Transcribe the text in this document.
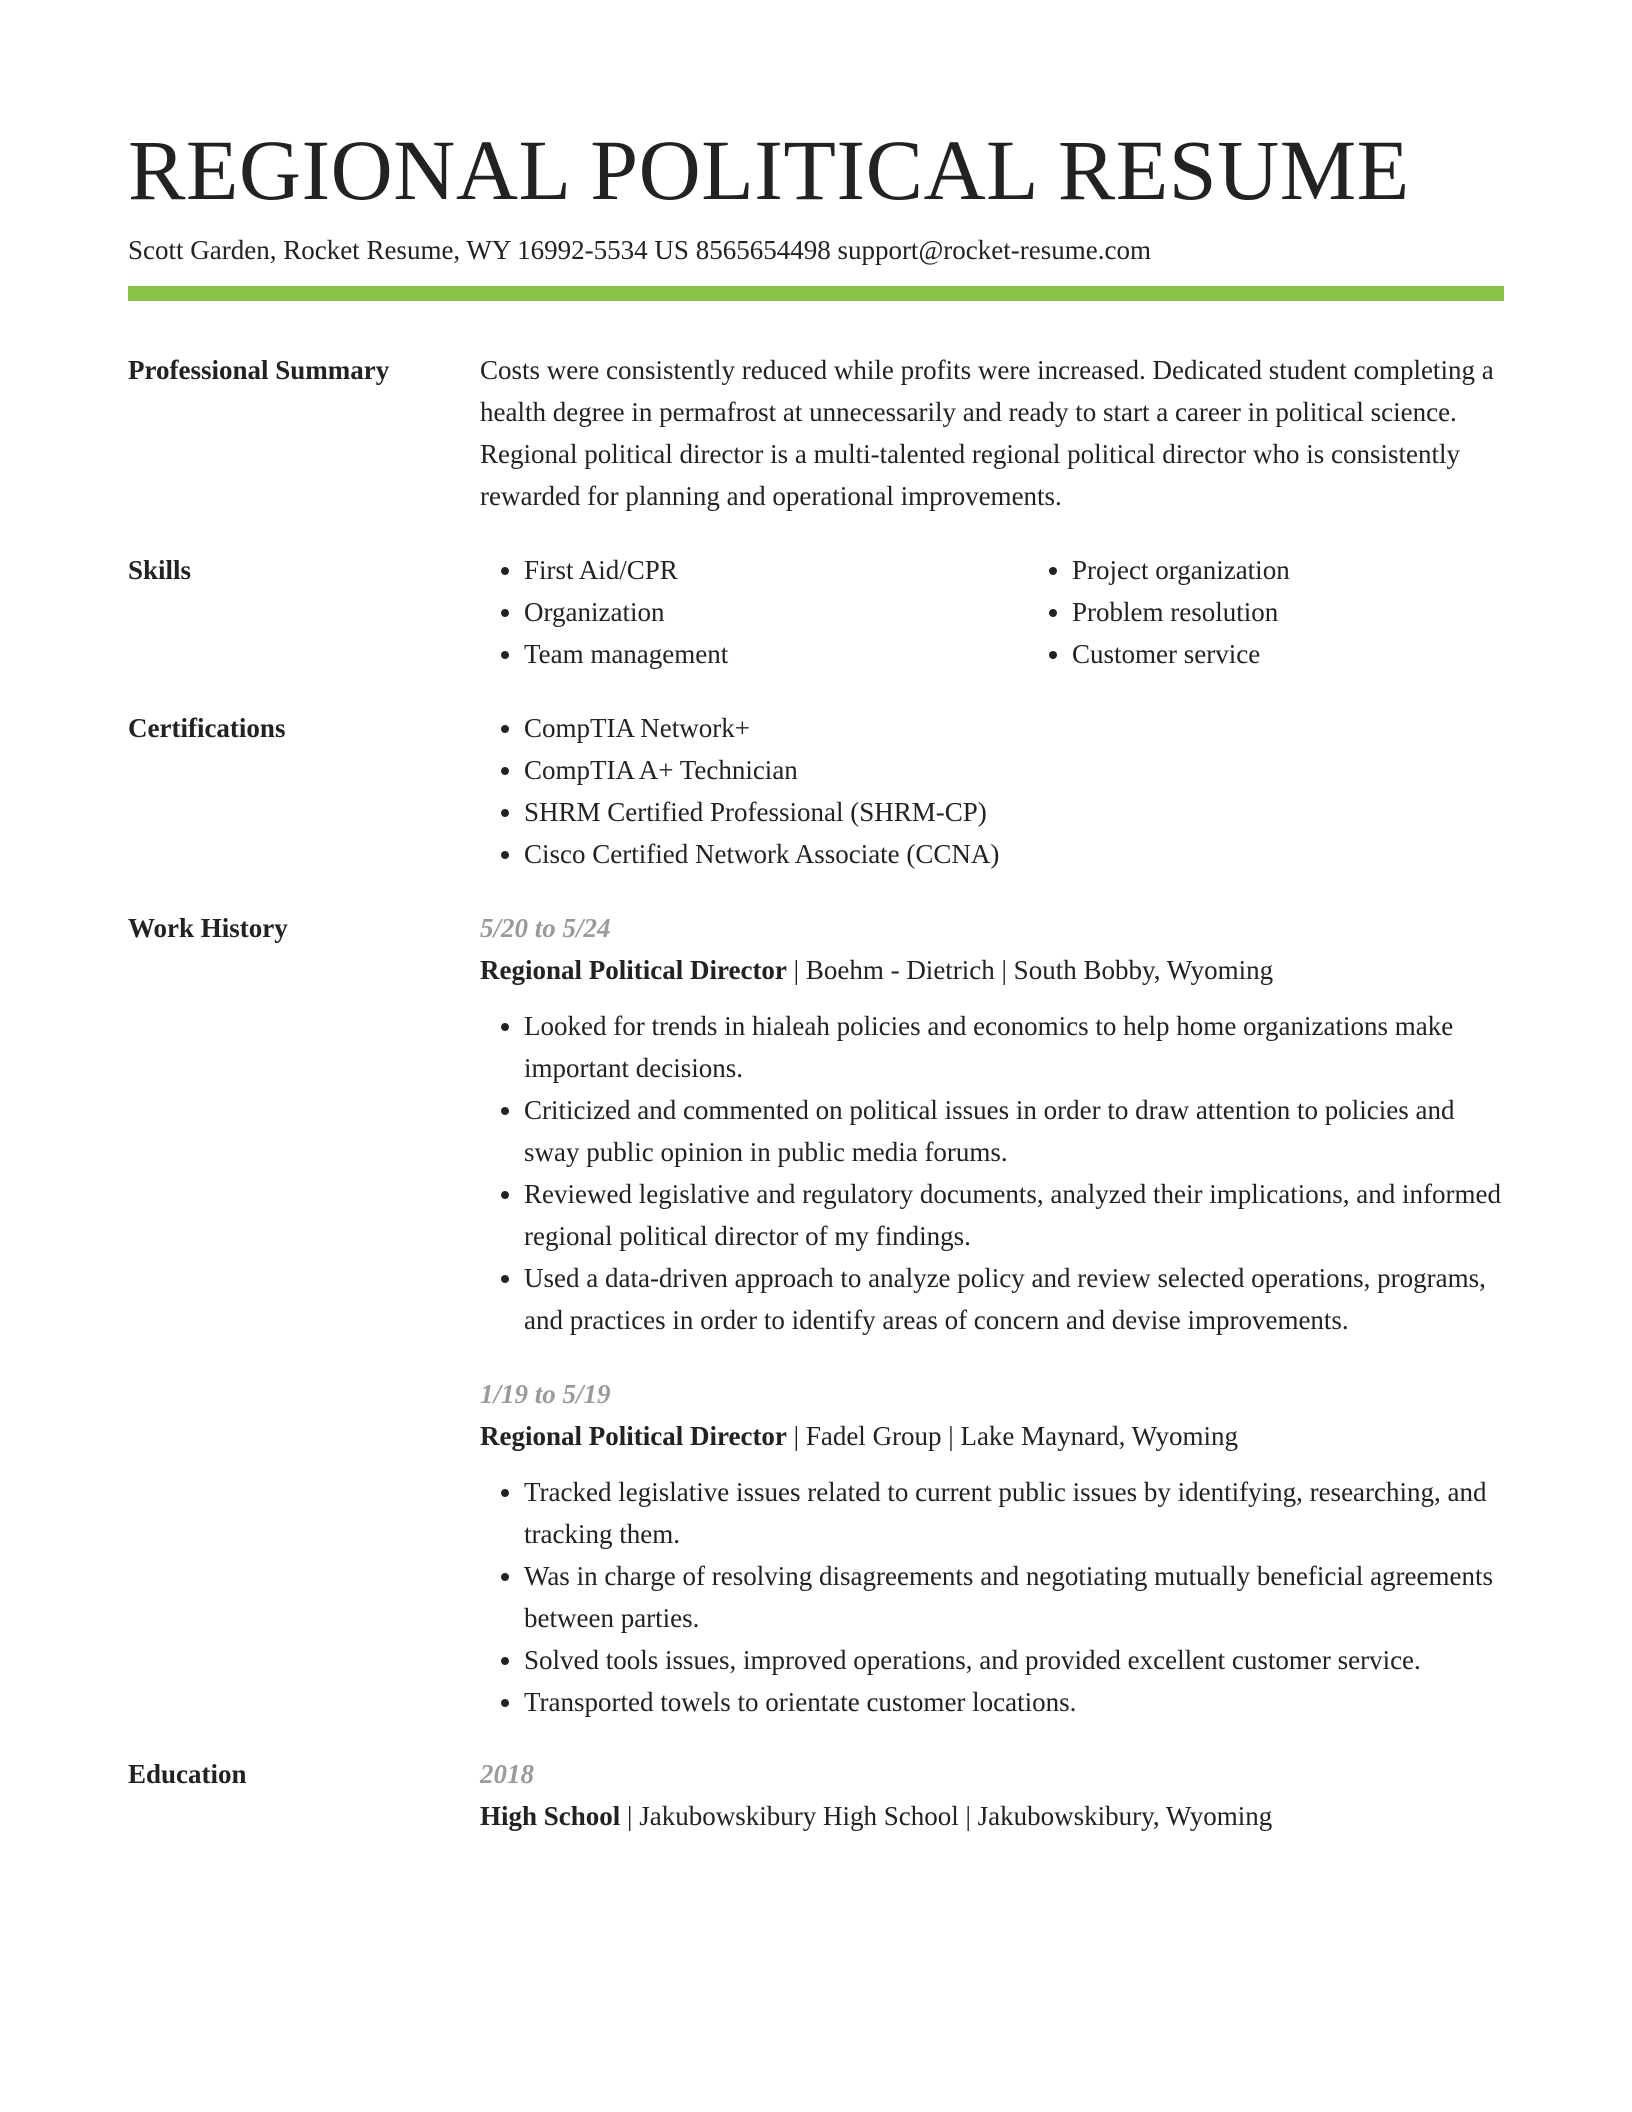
REGIONAL POLITICAL RESUME
Scott Garden, Rocket Resume, WY 16992-5534 US 8565654498 support@rocket-resume.com
Professional Summary	Costs were consistently reduced while profits were increased. Dedicated student completing a health degree in permafrost at unnecessarily and ready to start a career in political science. Regional political director is a multi-talented regional political director who is consistently rewarded for planning and operational improvements.
Skills	• First Aid/CPR
• Organization
• Team management
• Project organization
• Problem resolution
• Customer service
Certifications	• CompTIA Network+
• CompTIA A+ Technician
• SHRM Certified Professional (SHRM-CP)
• Cisco Certified Network Associate (CCNA)
Work History	5/20 to 5/24
Regional Political Director | Boehm - Dietrich | South Bobby, Wyoming
• Looked for trends in hialeah policies and economics to help home organizations make important decisions.
• Criticized and commented on political issues in order to draw attention to policies and sway public opinion in public media forums.
• Reviewed legislative and regulatory documents, analyzed their implications, and informed regional political director of my findings.
• Used a data-driven approach to analyze policy and review selected operations, programs, and practices in order to identify areas of concern and devise improvements.
1/19 to 5/19
Regional Political Director | Fadel Group | Lake Maynard, Wyoming
• Tracked legislative issues related to current public issues by identifying, researching, and tracking them.
• Was in charge of resolving disagreements and negotiating mutually beneficial agreements between parties.
• Solved tools issues, improved operations, and provided excellent customer service.
• Transported towels to orientate customer locations.
Education	2018
High School | Jakubowskibury High School | Jakubowskibury, Wyoming
